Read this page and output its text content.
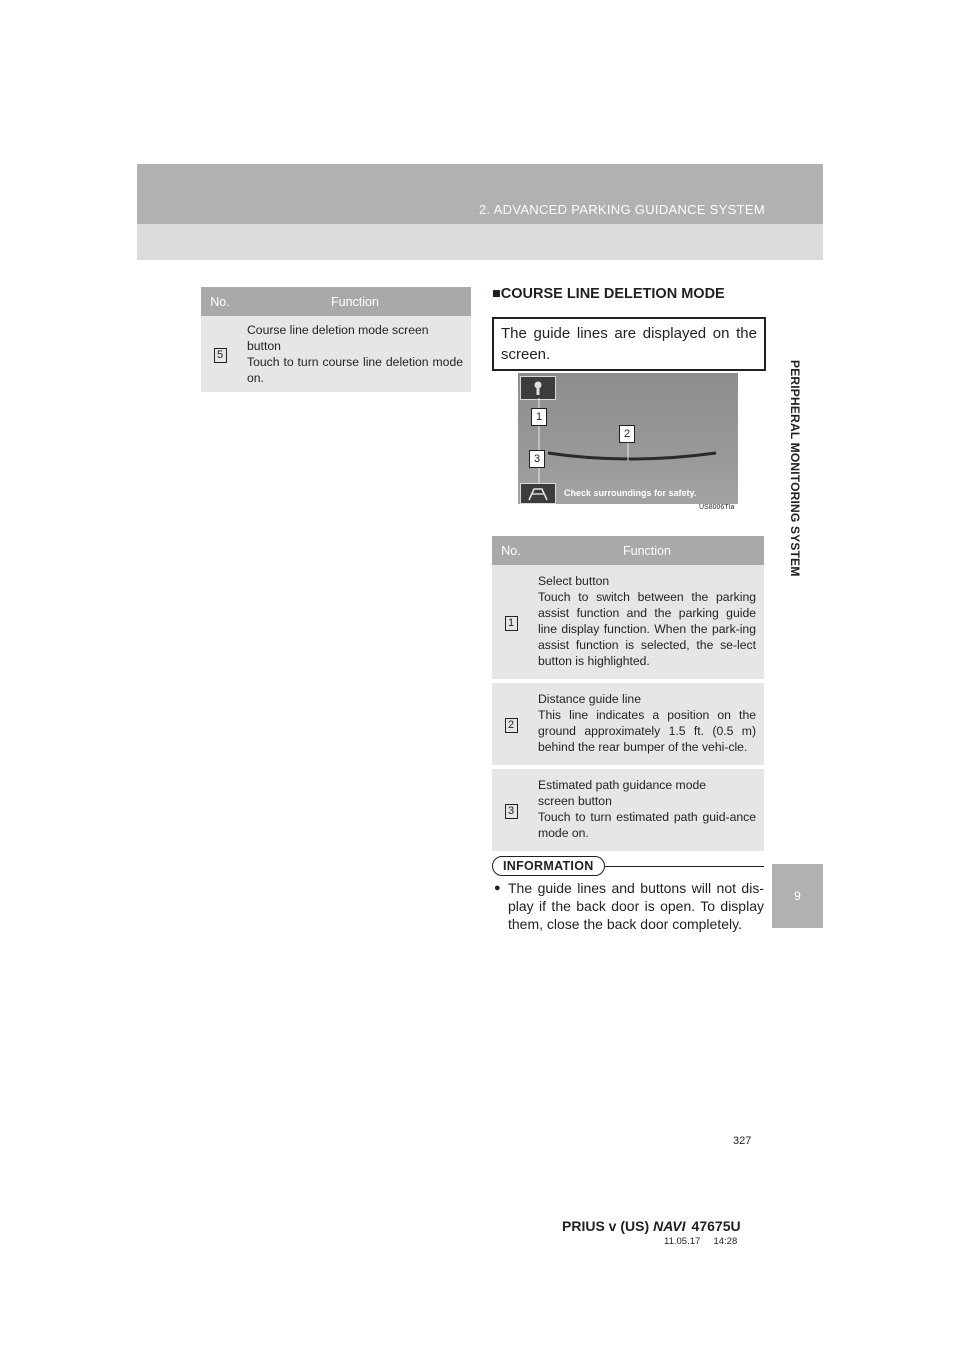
2. ADVANCED PARKING GUIDANCE SYSTEM
PERIPHERAL MONITORING SYSTEM
9
No.	Function
5	Course line deletion mode screen
button
Touch to turn course line deletion mode on.
■COURSE LINE DELETION MODE
The guide lines are displayed on the screen.
1
2
3
Check surroundings for safety.
US8006TIa
No.	Function
1	Select button
Touch to switch between the parking assist function and the parking guide line display function. When the park-ing assist function is selected, the se-lect button is highlighted.

2	Distance guide line
This line indicates a position on the ground approximately 1.5 ft. (0.5 m) behind the rear bumper of the vehi-cle.

3	Estimated path guidance mode
screen button
Touch to turn estimated path guid-ance mode on.
INFORMATION
● The guide lines and buttons will not dis-play if the back door is open. To display them, close the back door completely.
327
PRIUS v (US) NAVI 47675U
11.05.17     14:28
